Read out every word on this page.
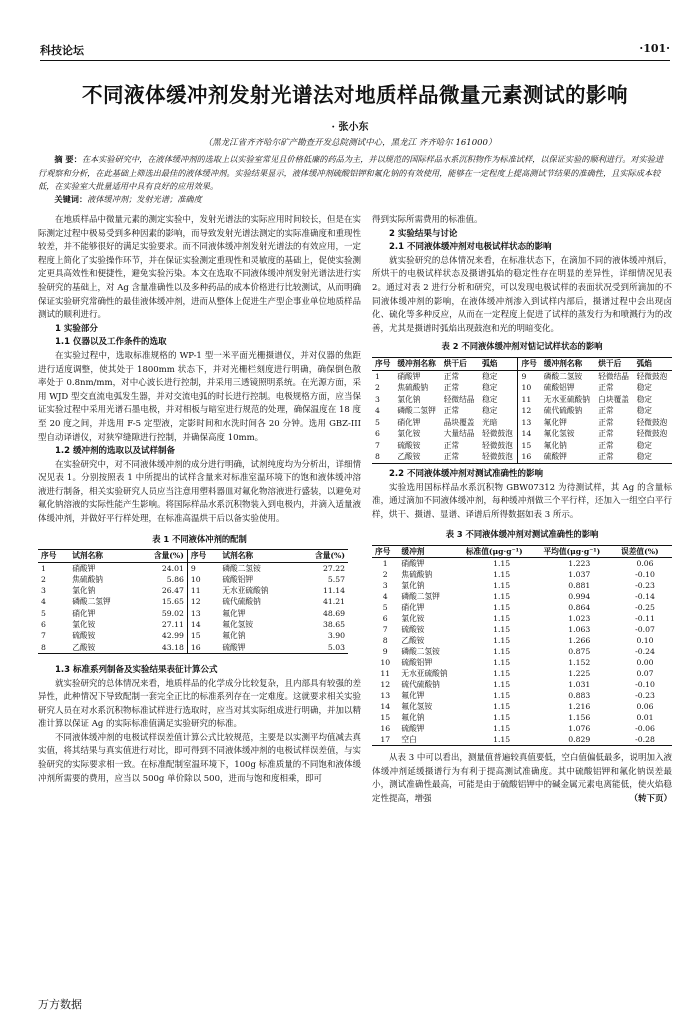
科技论坛	·101·
不同液体缓冲剂发射光谱法对地质样品微量元素测试的影响
· 张小东
（黑龙江省齐齐哈尔矿产勘查开发总院测试中心，黑龙江 齐齐哈尔 161000）
摘 要：在本实验研究中，在液体缓冲剂的选取上以实验室常见且价格低廉的药品为主，并以规范的国际样品水系沉积物作为标准试样，以保证实验的顺利进行。对实验进行观察和分析，在此基础上筛选出最佳的液体缓冲剂。实验结果显示，液体缓冲剂硫酸铝钾和氟化钠的有效使用，能够在一定程度上提高测试节结果的准确性，且实际成本较低，在实验室大批量适用中具有良好的应用效果。
关键词：液体缓冲剂；发射光谱；准确度
在地质样品中微量元素的测定实验中，发射光谱法的实际应用时间较长，但是在实际测定过程中极易受到多种因素的影响，而导致发射光谱法测定的实际准确度和重现性较差，并不能够很好的满足实验要求。而不同液体缓冲剂发射光谱法的有效应用，一定程度上简化了实验操作环节，并在保证实验测定重现性和灵敏度的基础上，促使实验测定更具高效性和便捷性，避免实验污染。本文在选取不同液体缓冲剂发射光谱法进行实验研究的基础上，对 Ag 含量准确性以及多种药品的成本价格进行比较测试，从而明确保证实验研究常确性的最佳液体缓冲剂，进而从整体上促进生产型企事业单位地质样品测试的顺利进行。
1 实验部分
1.1 仪器以及工作条件的选取
在实验过程中，选取标准规格的 WP-1 型一米平面光栅摄谱仪，并对仪器的焦距进行适度调整，使其处于 1800mm 状态下，并对光栅栏刻度进行明确，确保倒色散率处于 0.8nm/mm，对中心波长进行控制，并采用三透镜照明系统。在光源方面，采用 WJD 型交直流电弧发生器，并对交流电弧的时长进行控制。电极规格方面，应当保证实验过程中采用光谱石墨电极，并对相板与暗室进行规范的处理，确保温度在 18 度至 20 度之间，并选用 F-5 定型液，定影时间和水洗时间各 20 分钟。选用 GBZ-III 型自动译谱仪，对狭窄缝隙进行控制，并确保高度 10mm。
1.2 缓冲剂的选取以及试样制备
在实验研究中，对不同液体缓冲剂的成分进行明确，试剂纯度均为分析出，详细情况见表 1。分别按照表 1 中所提出的试样含量来对标准室温环境下的饱和液体缓冲溶液进行制备，相关实验研究人员应当注意用塑料器皿对氟化物溶液进行盛装，以避免对氟化钠溶液的实际性能产生影响。将国际样品水系沉积物装入到电极内，并滴入适量液体缓冲剂，并做好平行样处理，在标准高温烘干后以备实验使用。
表 1 不同液体冲剂的配制
序号	试剂名称	含量(%)	序号	试剂名称	含量(%)
1	硝酸钾	24.01	9	磷酸二氢铵	27.22
2	焦硫酸钠	5.86	10	硫酸铝钾	5.57
3	氯化钠	26.47	11	无水亚硫酸钠	11.14
4	磷酸二氢钾	15.65	12	硫代硫酸钠	41.21
5	硝化钾	59.02	13	氟化钾	48.69
6	氯化铵	27.11	14	氟化氢铵	38.65
7	硫酸铵	42.99	15	氟化钠	3.90
8	乙酸铵	43.18	16	硫酸钾	5.03
1.3 标准系列制备及实验结果表征计算公式
就实验研究的总体情况来看，地质样品的化学成分比较复杂，且内部具有较强的差异性，此种情况下导致配制一套完全正比的标准系列存在一定难度。这就要求相关实验研究人员在对水系沉积物标准试样进行选取时，应当对其实际组成进行明确，并加以精准计算以保证 Ag 的实际标准值满足实验研究的标准。
不同液体缓冲剂的电极试样误差值计算公式比较规范，主要是以实测平均值减去真实值，将其结果与真实值进行对比，即可得到不同液体缓冲剂的电极试样误差值，与实验研究的实际要求相一致。在标准配制室温环境下，100g 标准质量的不同饱和液体缓冲剂所需要的费用，应当以 500g 单价除以 500，进而与饱和度相乘，即可
得到实际所需费用的标准值。
2 实验结果与讨论
2.1 不同液体缓冲剂对电极试样状态的影响
就实验研究的总体情况来看，在标准状态下，在滴加不同的液体缓冲剂后，所烘干的电极试样状态及摄谱弧焰的稳定性存在明显的差异性，详细情况见表 2。通过对表 2 进行分析和研究，可以发现电极试样的表面状况受到所滴加的不同液体缓冲剂的影响，在液体缓冲剂渗入到试样内部后，摄谱过程中会出现卤化、硫化等多种反应，从而在一定程度上促进了试样的蒸发行为和喷溅行为的改善，尤其是摄谱时弧焰出现鼓泡和光的明暗变化。
表 2 不同液体缓冲剂对惦记试样状态的影响
序号	缓冲剂名称	烘干后	弧焰	序号	缓冲剂名称	烘干后	弧焰
1	硝酸钾	正常	稳定	9	磷酸二氢铵	轻微结晶	轻微鼓泡
2	焦硫酸钠	正常	稳定	10	硫酸铝钾	正常	稳定
3	氯化钠	轻微结晶	稳定	11	无水亚硫酸钠	白块覆盖	稳定
4	磷酸二氢钾	正常	稳定	12	硫代硫酸钠	正常	稳定
5	硝化钾	晶块覆盖	光暗	13	氟化钾	正常	轻微鼓泡
6	氯化铵	大量结晶	轻微鼓泡	14	氟化氢铵	正常	轻微鼓泡
7	硫酸铵	正常	轻微鼓泡	15	氟化钠	正常	稳定
8	乙酸铵	正常	轻微鼓泡	16	硫酸钾	正常	稳定
2.2 不同液体缓冲剂对测试准确性的影响
实验选用国标样品水系沉积物 GBW07312 为待测试样，其 Ag 的含量标准，通过滴加不同液体缓冲剂，每种缓冲剂做三个平行样，还加入一组空白平行样，烘干、摄谱、显谱、译谱后所得数据如表 3 所示。
表 3 不同液体缓冲剂对测试准确性的影响
序号	缓冲剂	标准值(μg·g⁻¹)	平均值(μg·g⁻¹)	误差值(%)
1	硝酸钾	1.15	1.223	0.06
2	焦硫酸钠	1.15	1.037	-0.10
3	氯化钠	1.15	0.881	-0.23
4	磷酸二氢钾	1.15	0.994	-0.14
5	硝化钾	1.15	0.864	-0.25
6	氯化铵	1.15	1.023	-0.11
7	硫酸铵	1.15	1.063	-0.07
8	乙酸铵	1.15	1.266	0.10
9	磷酸二氢铵	1.15	0.875	-0.24
10	硫酸铝钾	1.15	1.152	0.00
11	无水亚硫酸钠	1.15	1.225	0.07
12	硫代硫酸钠	1.15	1.031	-0.10
13	氟化钾	1.15	0.883	-0.23
14	氟化氢铵	1.15	1.216	0.06
15	氟化钠	1.15	1.156	0.01
16	硫酸钾	1.15	1.076	-0.06
17	空白	1.15	0.829	-0.28
从表 3 中可以看出，测量值普遍较真值要低，空白值偏低最多，说明加入液体缓冲剂延缓摄谱行为有利于提高测试准确度。其中硫酸铝钾和氟化钠误差最小，测试准确性最高，可能是由于硫酸铝钾中的碱金属元素电离能低，使火焰稳定性提高，增强	（转下页）
万方数据
